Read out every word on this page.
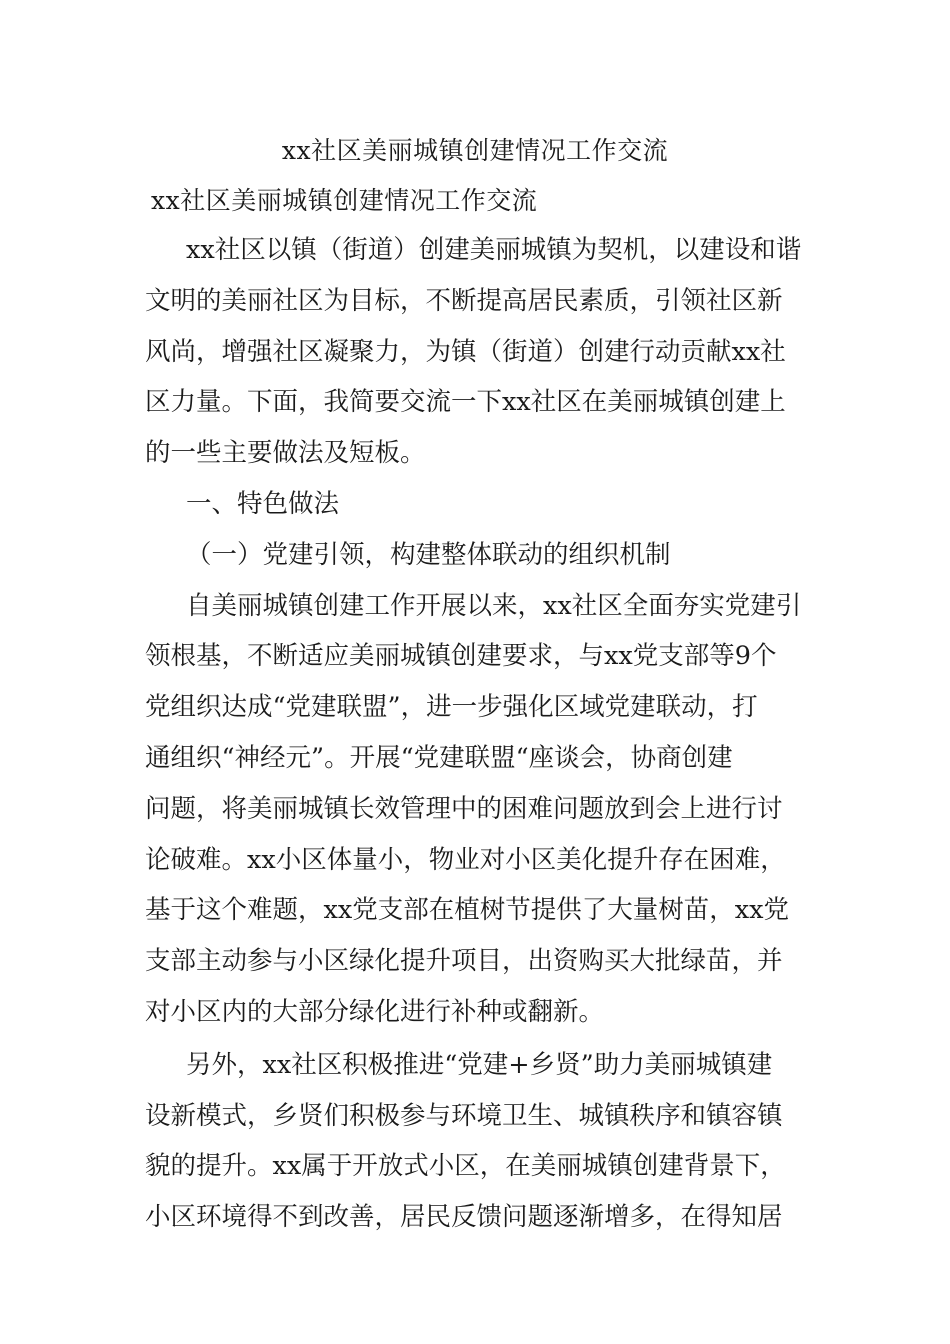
xx社区美丽城镇创建情况工作交流
xx社区美丽城镇创建情况工作交流

xx社区以镇（街道）创建美丽城镇为契机，以建设和谐
文明的美丽社区为目标，不断提高居民素质，引领社区新
风尚，增强社区凝聚力，为镇（街道）创建行动贡献xx社
区力量。下面，我简要交流一下xx社区在美丽城镇创建上
的一些主要做法及短板。

一、特色做法

（一）党建引领，构建整体联动的组织机制

自美丽城镇创建工作开展以来，xx社区全面夯实党建引
领根基，不断适应美丽城镇创建要求，与xx党支部等9个
党组织达成“党建联盟”，进一步强化区域党建联动，打
通组织“神经元”。开展“党建联盟“座谈会，协商创建
问题，将美丽城镇长效管理中的困难问题放到会上进行讨
论破难。xx小区体量小，物业对小区美化提升存在困难，
基于这个难题，xx党支部在植树节提供了大量树苗，xx党
支部主动参与小区绿化提升项目，出资购买大批绿苗，并
对小区内的大部分绿化进行补种或翻新。

另外，xx社区积极推进“党建+乡贤”助力美丽城镇建
设新模式，乡贤们积极参与环境卫生、城镇秩序和镇容镇
貌的提升。xx属于开放式小区，在美丽城镇创建背景下，
小区环境得不到改善，居民反馈问题逐渐增多，在得知居
